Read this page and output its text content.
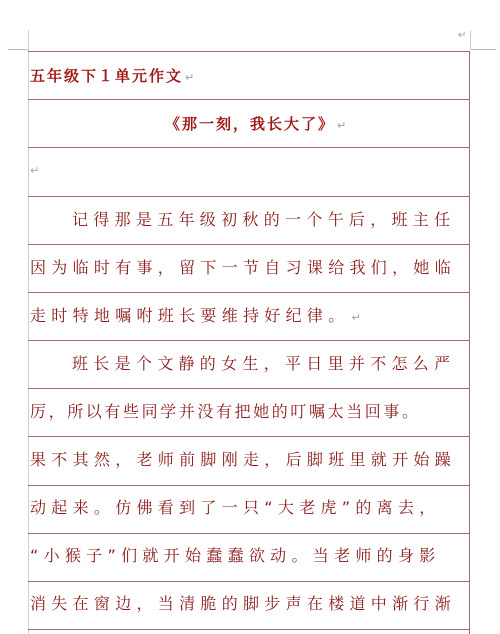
↵
五年级下１单元作文 ↵
《那一刻，我长大了》 ↵
↵
记得那是五年级初秋的一个午后，班主任
因为临时有事，留下一节自习课给我们，她临
走时特地嘱咐班长要维持好纪律。 ↵
班长是个文静的女生，平日里并不怎么严
厉，所以有些同学并没有把她的叮嘱太当回事。
果不其然，老师前脚刚走，后脚班里就开始躁
动起来。仿佛看到了一只“大老虎”的离去，
“小猴子”们就开始蠢蠢欲动。当老师的身影
消失在窗边，当清脆的脚步声在楼道中渐行渐
